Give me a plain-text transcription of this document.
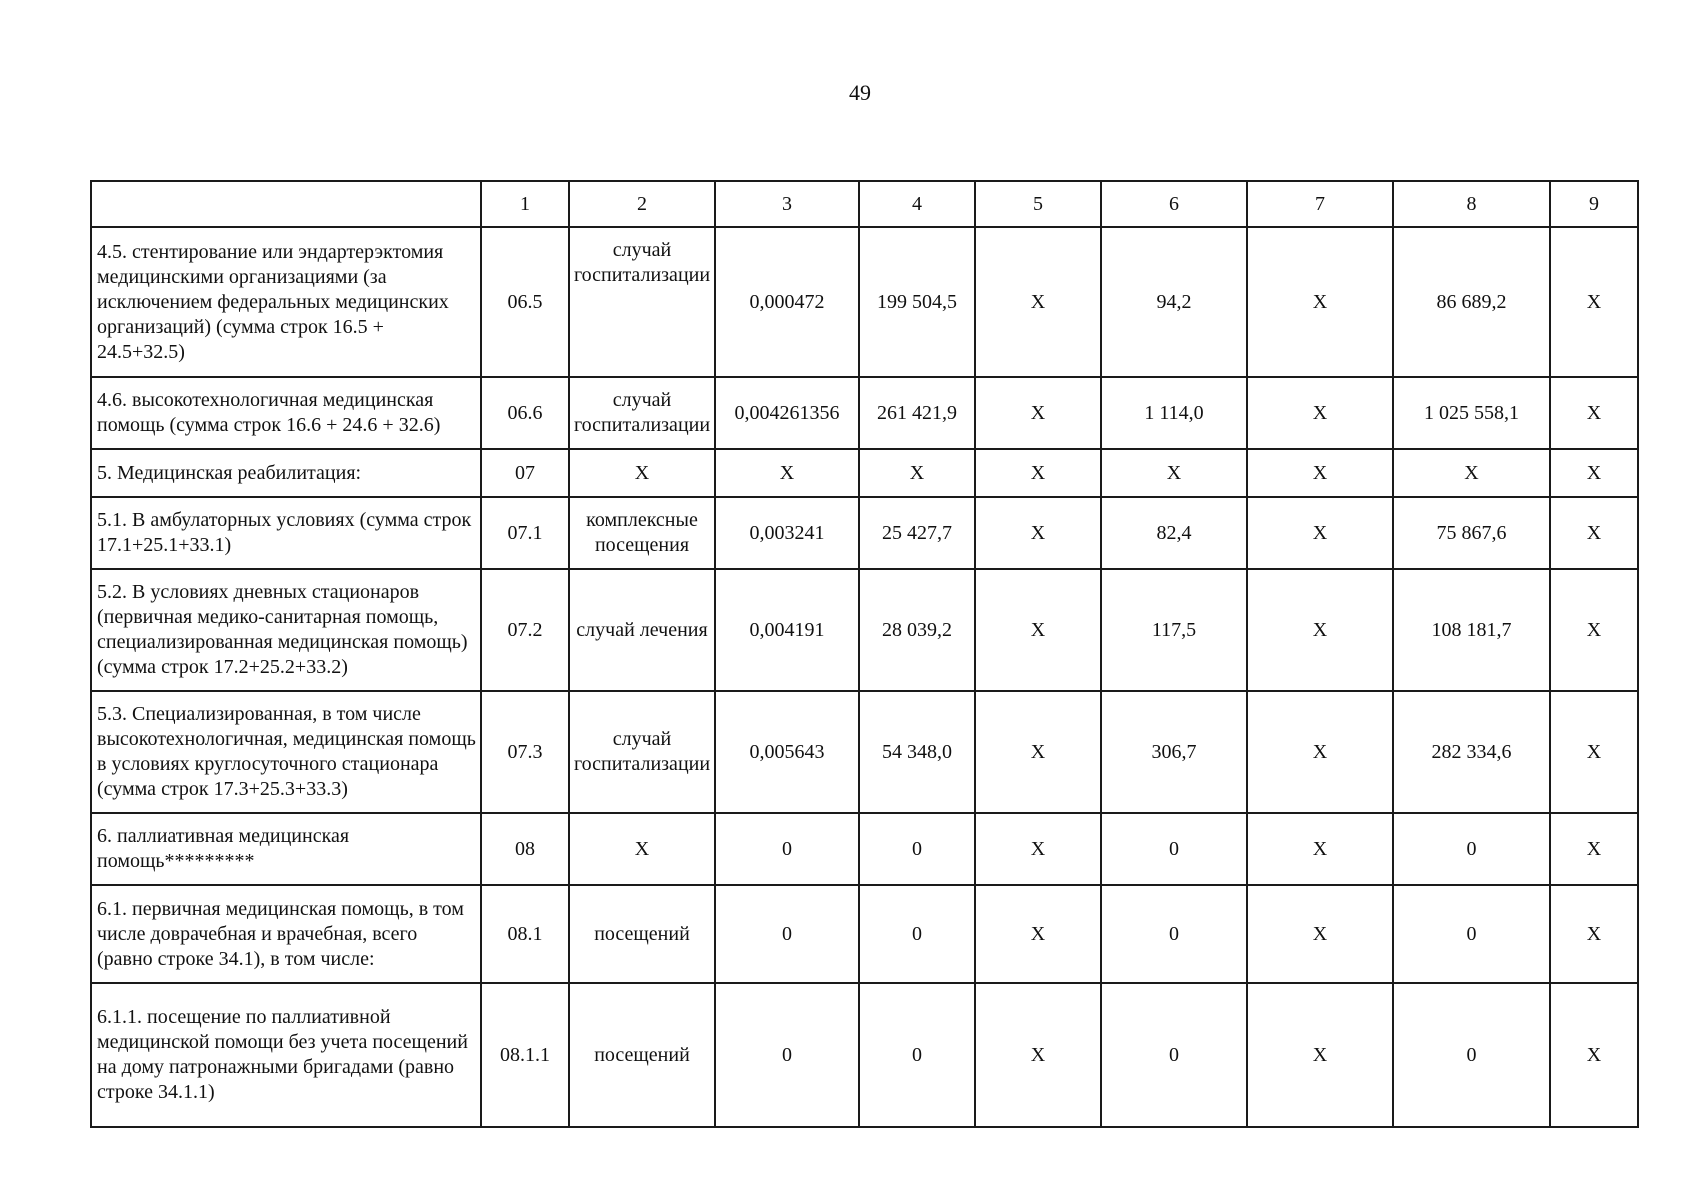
49
	1	2	3	4	5	6	7	8	9
4.5. стентирование или эндартерэктомия медицинскими организациями (за исключением федеральных медицинских организаций) (сумма строк 16.5 + 24.5+32.5)	06.5	случай госпитализации	0,000472	199 504,5	Х	94,2	Х	86 689,2	Х
4.6. высокотехнологичная медицинская помощь (сумма строк 16.6 + 24.6 + 32.6)	06.6	случай госпитализации	0,004261356	261 421,9	Х	1 114,0	Х	1 025 558,1	Х
5. Медицинская реабилитация:	07	Х	Х	Х	Х	Х	Х	Х	Х
5.1. В амбулаторных условиях (сумма строк 17.1+25.1+33.1)	07.1	комплексные посещения	0,003241	25 427,7	Х	82,4	Х	75 867,6	Х
5.2. В условиях дневных стационаров (первичная медико-санитарная помощь, специализированная медицинская помощь) (сумма строк 17.2+25.2+33.2)	07.2	случай лечения	0,004191	28 039,2	Х	117,5	Х	108 181,7	Х
5.3. Специализированная, в том числе высокотехнологичная, медицинская помощь в условиях круглосуточного стационара (сумма строк 17.3+25.3+33.3)	07.3	случай госпитализации	0,005643	54 348,0	Х	306,7	Х	282 334,6	Х
6. паллиативная медицинская помощь*********	08	Х	0	0	Х	0	Х	0	Х
6.1. первичная медицинская помощь, в том числе доврачебная и врачебная, всего (равно строке 34.1), в том числе:	08.1	посещений	0	0	Х	0	Х	0	Х
6.1.1. посещение по паллиативной медицинской помощи без учета посещений на дому патронажными бригадами (равно строке 34.1.1)	08.1.1	посещений	0	0	Х	0	Х	0	Х
